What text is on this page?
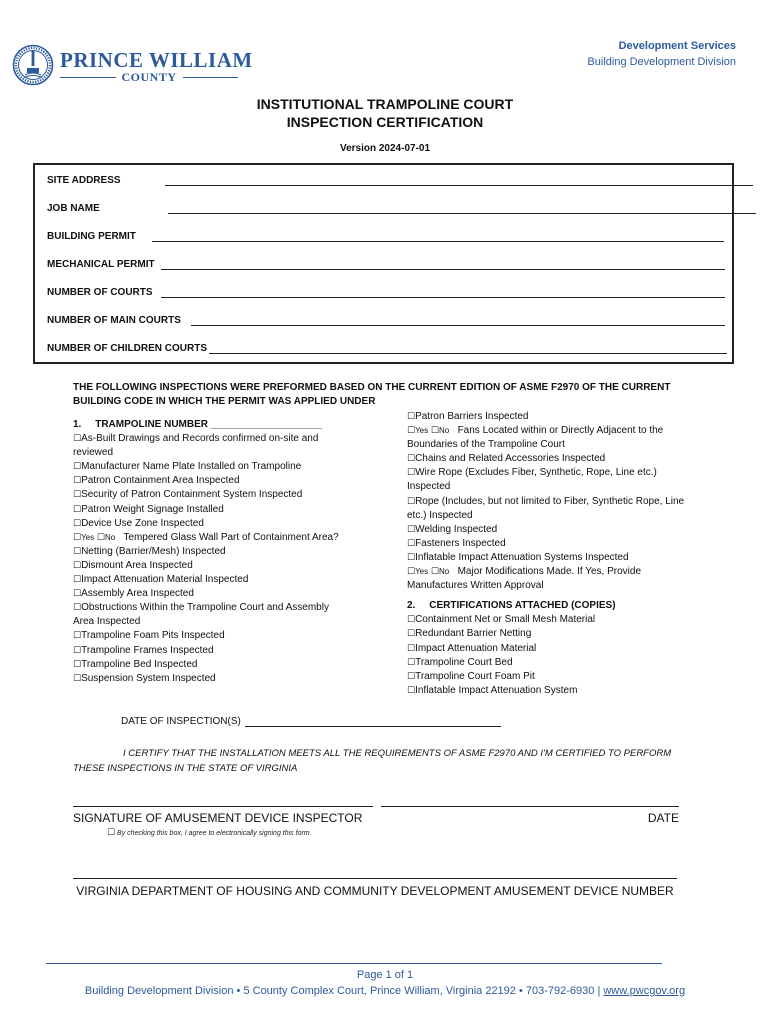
PRINCE WILLIAM
COUNTY
Development Services
Building Development Division
INSTITUTIONAL TRAMPOLINE COURT
INSPECTION CERTIFICATION
Version 2024-07-01
SITE ADDRESS
JOB NAME
BUILDING PERMIT
MECHANICAL PERMIT
NUMBER OF COURTS
NUMBER OF MAIN COURTS
NUMBER OF CHILDREN COURTS
THE FOLLOWING INSPECTIONS WERE PREFORMED BASED ON THE CURRENT EDITION OF ASME F2970 OF THE CURRENT BUILDING CODE IN WHICH THE PERMIT WAS APPLIED UNDER
1.     TRAMPOLINE NUMBER ____________________
☐As-Built Drawings and Records confirmed on-site and reviewed
☐Manufacturer Name Plate Installed on Trampoline
☐Patron Containment Area Inspected
☐Security of Patron Containment System Inspected
☐Patron Weight Signage Installed
☐Device Use Zone Inspected
☐Yes ☐No Tempered Glass Wall Part of Containment Area?
☐Netting (Barrier/Mesh) Inspected
☐Dismount Area Inspected
☐Impact Attenuation Material Inspected
☐Assembly Area Inspected
☐Obstructions Within the Trampoline Court and Assembly Area Inspected
☐Trampoline Foam Pits Inspected
☐Trampoline Frames Inspected
☐Trampoline Bed Inspected
☐Suspension System Inspected
☐Patron Barriers Inspected
☐Yes ☐No Fans Located within or Directly Adjacent to the Boundaries of the Trampoline Court
☐Chains and Related Accessories Inspected
☐Wire Rope (Excludes Fiber, Synthetic, Rope, Line etc.) Inspected
☐Rope (Includes, but not limited to Fiber, Synthetic Rope, Line etc.) Inspected
☐Welding Inspected
☐Fasteners Inspected
☐Inflatable Impact Attenuation Systems Inspected
☐Yes ☐No Major Modifications Made. If Yes, Provide Manufactures Written Approval
2.     CERTIFICATIONS ATTACHED (COPIES)
☐Containment Net or Small Mesh Material
☐Redundant Barrier Netting
☐Impact Attenuation Material
☐Trampoline Court Bed
☐Trampoline Court Foam Pit
☐Inflatable Impact Attenuation System
DATE OF INSPECTION(S)
I CERTIFY THAT THE INSTALLATION MEETS ALL THE REQUIREMENTS OF ASME F2970 AND I'M CERTIFIED TO PERFORM THESE INSPECTIONS IN THE STATE OF VIRGINIA
SIGNATURE OF AMUSEMENT DEVICE INSPECTOR	DATE
☐ By checking this box, I agree to electronically signing this form.
VIRGINIA DEPARTMENT OF HOUSING AND COMMUNITY DEVELOPMENT AMUSEMENT DEVICE NUMBER
Page 1 of 1
Building Development Division • 5 County Complex Court, Prince William, Virginia 22192 • 703-792-6930 | www.pwcgov.org
